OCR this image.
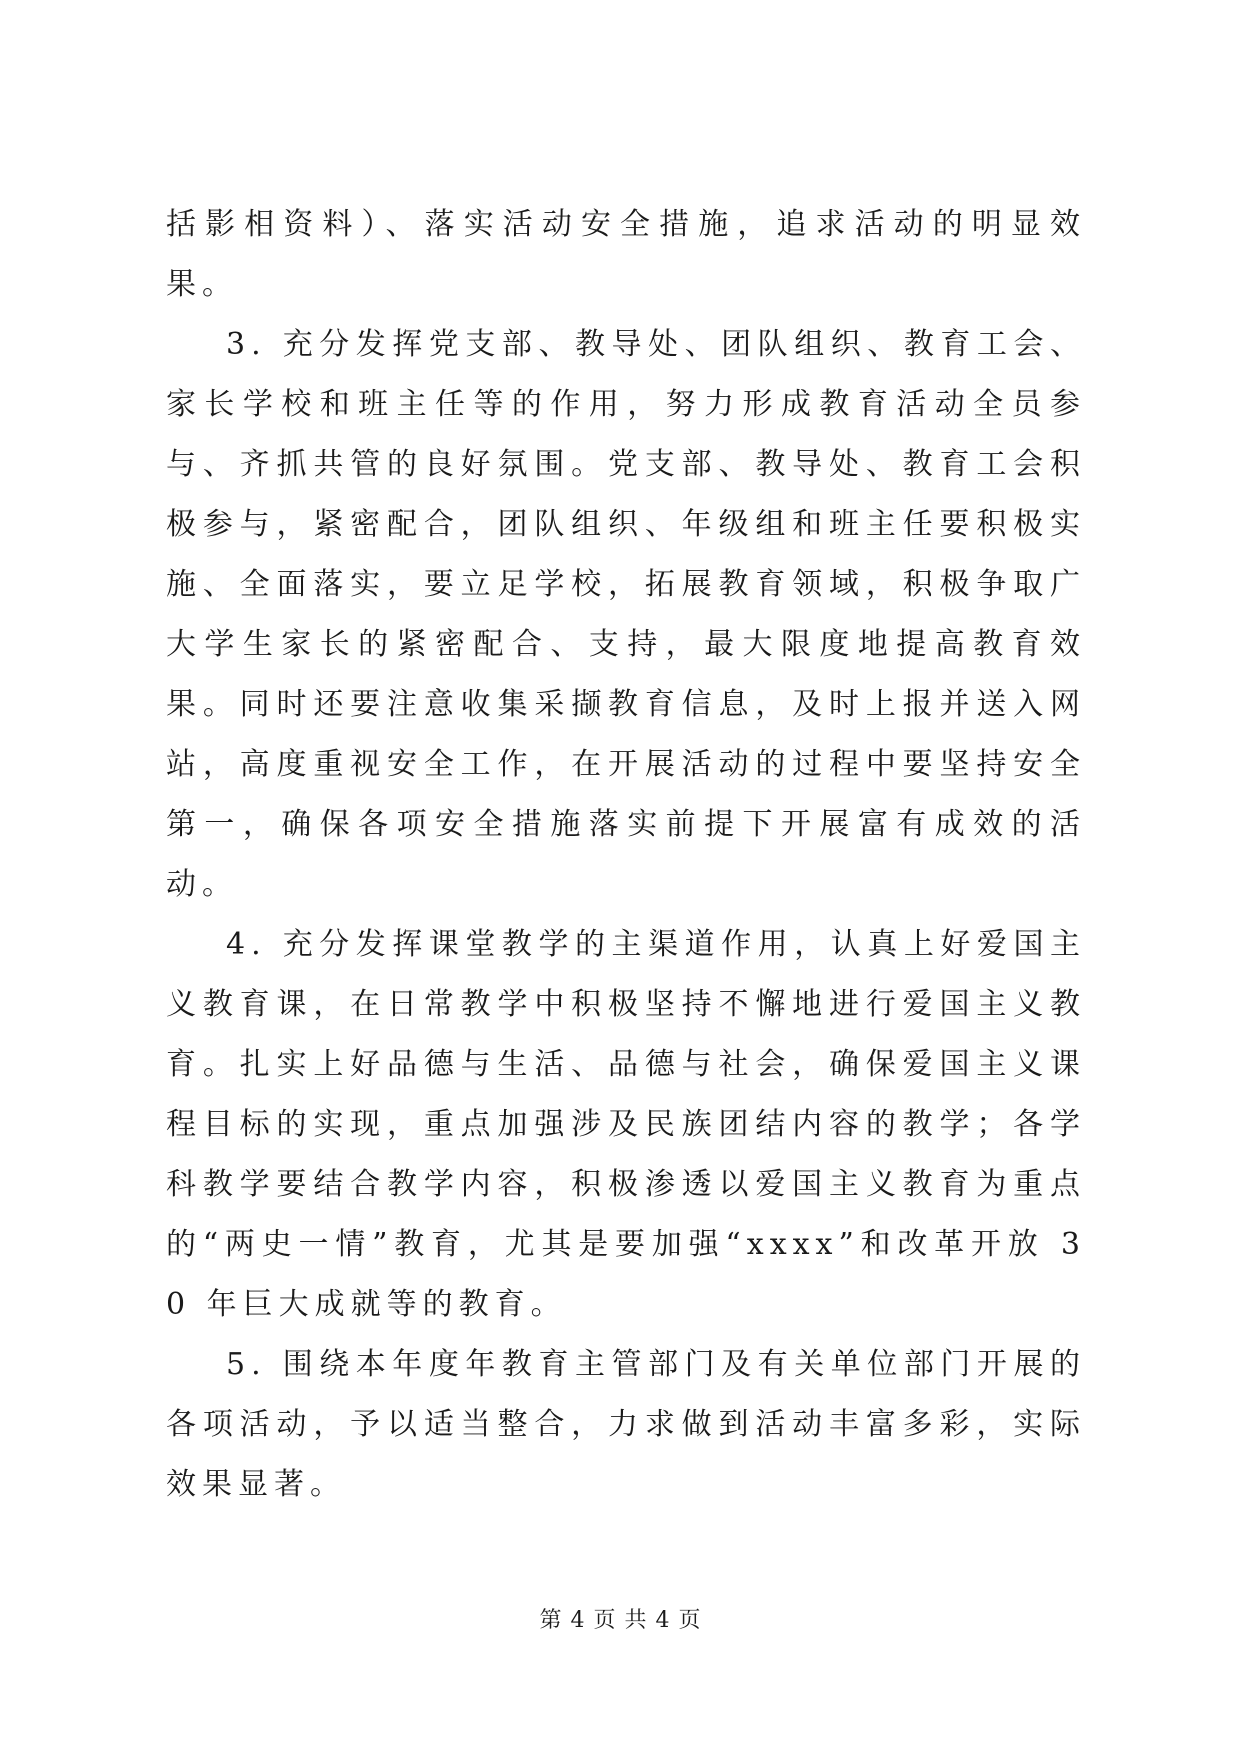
括影相资料）、落实活动安全措施，追求活动的明显效果。

3. 充分发挥党支部、教导处、团队组织、教育工会、家长学校和班主任等的作用，努力形成教育活动全员参与、齐抓共管的良好氛围。党支部、教导处、教育工会积极参与，紧密配合，团队组织、年级组和班主任要积极实施、全面落实，要立足学校，拓展教育领域，积极争取广大学生家长的紧密配合、支持，最大限度地提高教育效果。同时还要注意收集采撷教育信息，及时上报并送入网站，高度重视安全工作，在开展活动的过程中要坚持安全第一，确保各项安全措施落实前提下开展富有成效的活动。

4. 充分发挥课堂教学的主渠道作用，认真上好爱国主义教育课，在日常教学中积极坚持不懈地进行爱国主义教育。扎实上好品德与生活、品德与社会，确保爱国主义课程目标的实现，重点加强涉及民族团结内容的教学；各学科教学要结合教学内容，积极渗透以爱国主义教育为重点的“两史一情”教育，尤其是要加强“xxxx”和改革开放 30 年巨大成就等的教育。

5. 围绕本年度年教育主管部门及有关单位部门开展的各项活动，予以适当整合，力求做到活动丰富多彩，实际效果显著。

第 4 页 共 4 页
